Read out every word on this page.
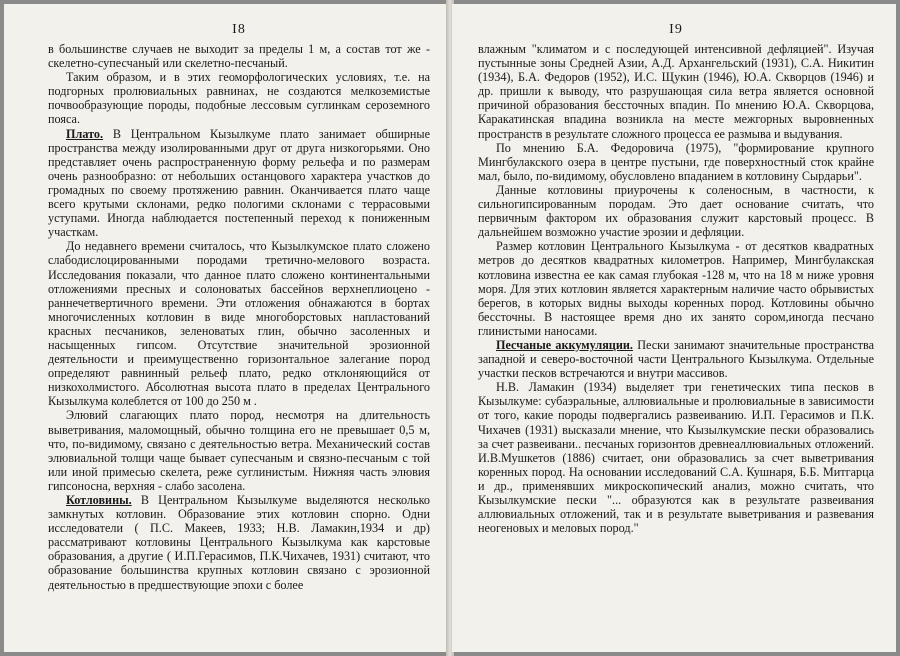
I8

в большинстве случаев не выходит за пределы 1 м, а состав тот же - скелетно-супесчаный или скелетно-песчаный.

Таким образом, и в этих геоморфологических условиях, т.е. на подгорных пролювиальных равнинах, не создаются мелкоземистые почвообразующие породы, подобные лессовым суглинкам сероземного пояса.

Плато. В Центральном Кызылкуме плато занимает обширные пространства между изолированными друг от друга низкогорьями. Оно представляет очень распространенную форму рельефа и по размерам очень разнообразно: от небольших останцового характера участков до громадных по своему протяжению равнин. Оканчивается плато чаще всего крутыми склонами, редко пологими склонами с террасовыми уступами. Иногда наблюдается постепенный переход к пониженным участкам.

До недавнего времени считалось, что Кызылкумское плато сложено слабодислоцированными породами третично-мелового возраста. Исследования показали, что данное плато сложено континентальными отложениями пресных и солоноватых бассейнов верхнеплиоцено - раннечетвертичного времени. Эти отложения обнажаются в бортах многочисленных котловин в виде многоборстовых напластований красных песчаников, зеленоватых глин, обычно засоленных и насыщенных гипсом. Отсутствие значительной эрозионной деятельности и преимущественно горизонтальное залегание пород определяют равнинный рельеф плато, редко отклоняющийся от низкохолмистого. Абсолютная высота плато в пределах Центрального Кызылкума колеблется от 100 до 250 м .

Элювий слагающих плато пород, несмотря на длительность выветривания, маломощный, обычно толщина его не превышает 0,5 м, что, по-видимому, связано с деятельностью ветра. Механический состав элювиальной толщи чаще бывает супесчаным и связно-песчаным с той или иной примесью скелета, реже суглинистым. Нижняя часть элювия гипсоносна, верхняя - слабо засолена.

Котловины. В Центральном Кызылкуме выделяются несколько замкнутых котловин. Образование этих котловин спорно. Одни исследователи ( П.С. Макеев, 1933; Н.В. Ламакин,1934 и др) рассматривают котловины Центрального Кызылкума как карстовые образования, а другие ( И.П.Герасимов, П.К.Чихачев, 1931) считают, что образование большинства крупных котловин связано с эрозионной деятельностью в предшествующие эпохи с более

I9

влажным "климатом и с последующей интенсивной дефляцией". Изучая пустынные зоны Средней Азии, А.Д. Архангельский (1931), С.А. Никитин (1934), Б.А. Федоров (1952), И.С. Щукин (1946), Ю.А. Скворцов (1946) и др. пришли к выводу, что разрушающая сила ветра является основной причиной образования бессточных впадин. По мнению Ю.А. Скворцова, Каракатинская впадина возникла на месте межгорных выровненных пространств в результате сложного процесса ее размыва и выдувания.

По мнению Б.А. Федоровича (1975), "формирование крупного Мингбулакского озера в центре пустыни, где поверхностный сток крайне мал, было, по-видимому, обусловлено впаданием в котловину Сырдарьи".

Данные котловины приурочены к соленосным, в частности, к сильногипсированным породам. Это дает основание считать, что первичным фактором их образования служит карстовый процесс. В дальнейшем возможно участие эрозии и дефляции.

Размер котловин Центрального Кызылкума - от десятков квадратных метров до десятков квадратных километров. Например, Мингбулакская котловина известна ее как самая глубокая -128 м, что на 18 м ниже уровня моря. Для этих котловин является характерным наличие часто обрывистых берегов, в которых видны выходы коренных пород. Котловины обычно бессточны. В настоящее время дно их занято сором,иногда песчано глинистыми наносами.

Песчаные аккумуляции. Пески занимают значительные пространства западной и северо-восточной части Центрального Кызылкума. Отдельные участки песков встречаются и внутри массивов.

Н.В. Ламакин (1934) выделяет три генетических типа песков в Кызылкуме: субаэральные, аллювиальные и пролювиальные в зависимости от того, какие породы подвергались развеиванию. И.П. Герасимов и П.К. Чихачев (1931) высказали мнение, что Кызылкумские пески образовались за счет развеивани.. песчаных горизонтов древнеаллювиальных отложений. И.В.Мушкетов (1886) считает, они образовались за счет выветривания коренных пород. На основании исследований С.А. Кушнаря, Б.Б. Митгарца и др., применявших микроскопический анализ, можно считать, что Кызылкумские пески "... образуются как в результате развеивания аллювиальных отложений, так и в результате выветривания и развевания неогеновых и меловых пород."
